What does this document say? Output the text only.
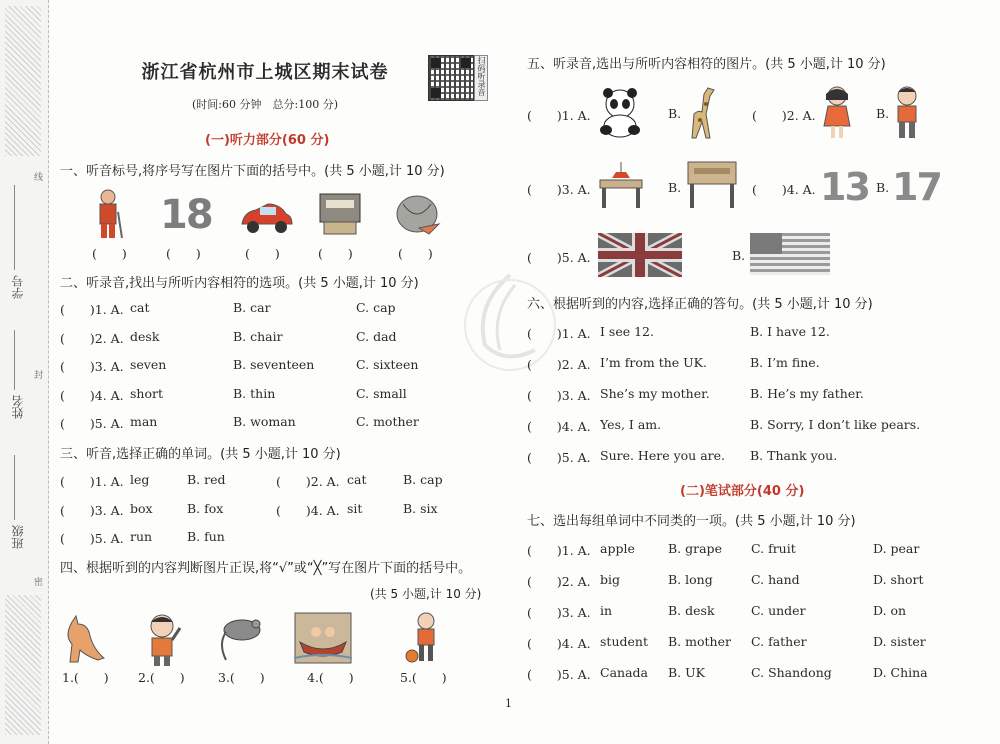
学号
姓名
班级
线
封
密
浙江省杭州市上城区期末试卷
(时间:60 分钟　总分:100 分)
扫码听录音
(一)听力部分(60 分)
一、听音标号,将序号写在图片下面的括号中。(共 5 小题,计 10 分)
18
(　　)	(　　)	(　　)	(　　)	(　　)
二、听录音,找出与所听内容相符的选项。(共 5 小题,计 10 分)
(　　)1. A. cat	B. car	C. cap
(　　)2. A. desk	B. chair	C. dad
(　　)3. A. seven	B. seventeen	C. sixteen
(　　)4. A. short	B. thin	C. small
(　　)5. A. man	B. woman	C. mother
三、听音,选择正确的单词。(共 5 小题,计 10 分)
(　　)1. A. leg	B. red	(　　)2. A. cat	B. cap
(　　)3. A. box	B. fox	(　　)4. A. sit	B. six
(　　)5. A. run	B. fun
四、根据听到的内容判断图片正误,将“√”或“╳”写在图片下面的括号中。
(共 5 小题,计 10 分)
1.(　　) 2.(　　)	3.(　　)	4.(　　)	5.(　　)
五、听录音,选出与所听内容相符的图片。(共 5 小题,计 10 分)
(　　)1. A.	B.	(　　)2. A.	B.
(　　)3. A.	B.	(　　)4. A. 13 B. 17
(　　)5. A.	B.
六、根据听到的内容,选择正确的答句。(共 5 小题,计 10 分)
(　　)1. A. I see 12.	B. I have 12.
(　　)2. A. I’m from the UK.	B. I’m fine.
(　　)3. A. She’s my mother.	B. He’s my father.
(　　)4. A. Yes, I am.	B. Sorry, I don’t like pears.
(　　)5. A. Sure. Here you are. B. Thank you.
(二)笔试部分(40 分)
七、选出每组单词中不同类的一项。(共 5 小题,计 10 分)
(　　)1. A. apple	B. grape C. fruit	D. pear
(　　)2. A. big	B. long	C. hand	D. short
(　　)3. A. in	B. desk	C. under	D. on
(　　)4. A. student B. mother C. father	D. sister
(　　)5. A. Canada B. UK	C. Shandong	D. China
1
